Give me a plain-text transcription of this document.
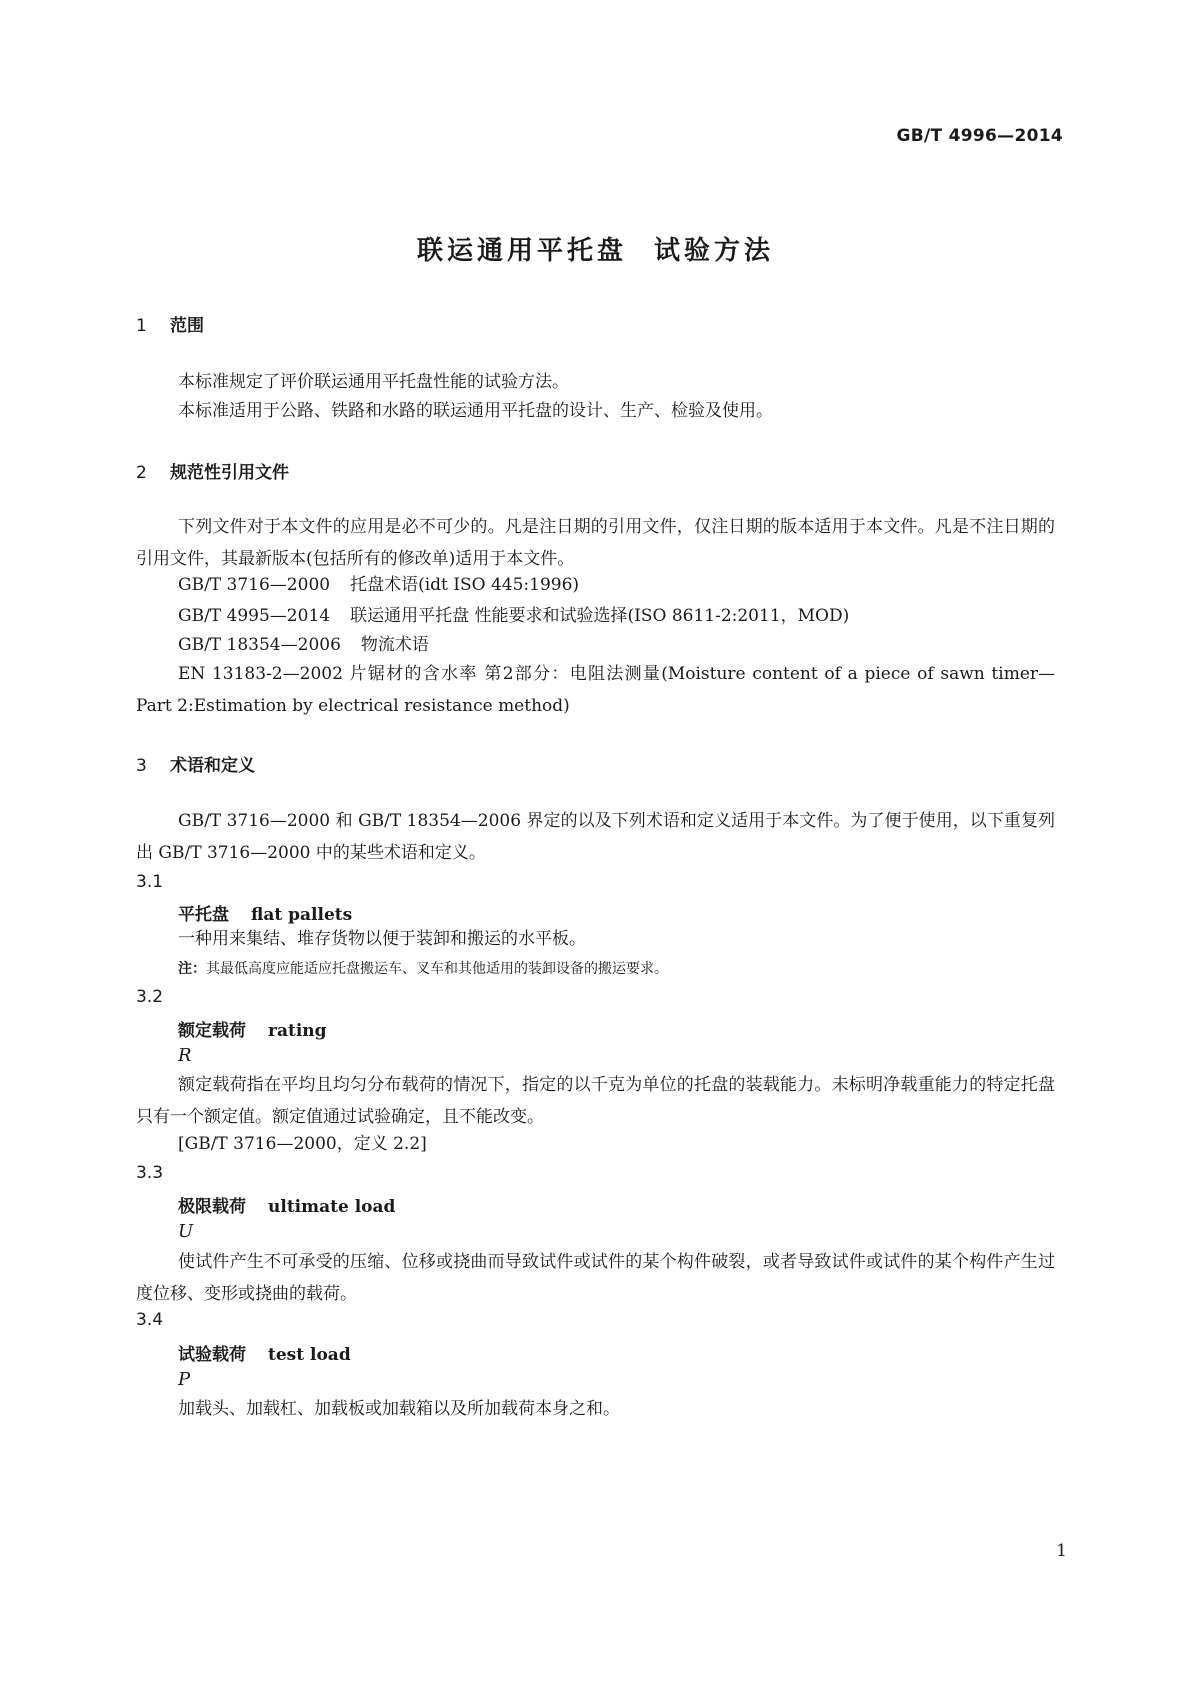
GB/T 4996—2014
联运通用平托盘 试验方法
1 范围
本标准规定了评价联运通用平托盘性能的试验方法。
本标准适用于公路、铁路和水路的联运通用平托盘的设计、生产、检验及使用。
2 规范性引用文件
下列文件对于本文件的应用是必不可少的。凡是注日期的引用文件，仅注日期的版本适用于本文件。凡是不注日期的引用文件，其最新版本(包括所有的修改单)适用于本文件。
GB/T 3716—2000 托盘术语(idt ISO 445:1996)
GB/T 4995—2014 联运通用平托盘 性能要求和试验选择(ISO 8611-2:2011，MOD)
GB/T 18354—2006 物流术语
EN 13183-2—2002 片锯材的含水率 第2部分：电阻法测量(Moisture content of a piece of sawn timer—Part 2:Estimation by electrical resistance method)
3 术语和定义
GB/T 3716—2000 和 GB/T 18354—2006 界定的以及下列术语和定义适用于本文件。为了便于使用，以下重复列出 GB/T 3716—2000 中的某些术语和定义。
3.1
平托盘 flat pallets
一种用来集结、堆存货物以便于装卸和搬运的水平板。
注：其最低高度应能适应托盘搬运车、叉车和其他适用的装卸设备的搬运要求。
3.2
额定载荷 rating
R
额定载荷指在平均且均匀分布载荷的情况下，指定的以千克为单位的托盘的装载能力。未标明净载重能力的特定托盘只有一个额定值。额定值通过试验确定，且不能改变。
[GB/T 3716—2000，定义 2.2]
3.3
极限载荷 ultimate load
U
使试件产生不可承受的压缩、位移或挠曲而导致试件或试件的某个构件破裂，或者导致试件或试件的某个构件产生过度位移、变形或挠曲的载荷。
3.4
试验载荷 test load
P
加载头、加载杠、加载板或加载箱以及所加载荷本身之和。
1
